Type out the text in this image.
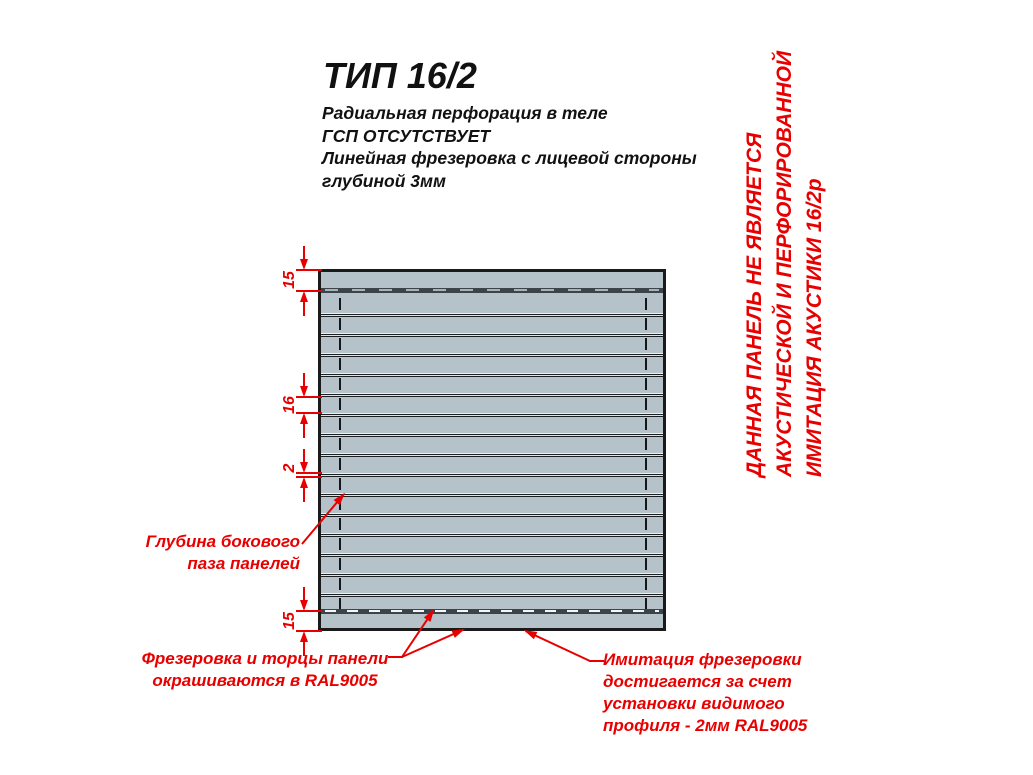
ТИП 16/2
Радиальная перфорация в теле
ГСП ОТСУТСТВУЕТ
Линейная фрезеровка с лицевой стороны
глубиной 3мм	ДАННАЯ ПАНЕЛЬ НЕ ЯВЛЯЕТСЯ АКУСТИЧЕСКОЙ И ПЕРФОРИРОВАННОЙ ИМИТАЦИЯ АКУСТИКИ 16/2р
15
16
2
15
Глубина бокового
паза панелей
Фрезеровка и торцы панели
окрашиваются в RAL9005
Имитация фрезеровки
достигается за счет
установки видимого
профиля - 2мм RAL9005
